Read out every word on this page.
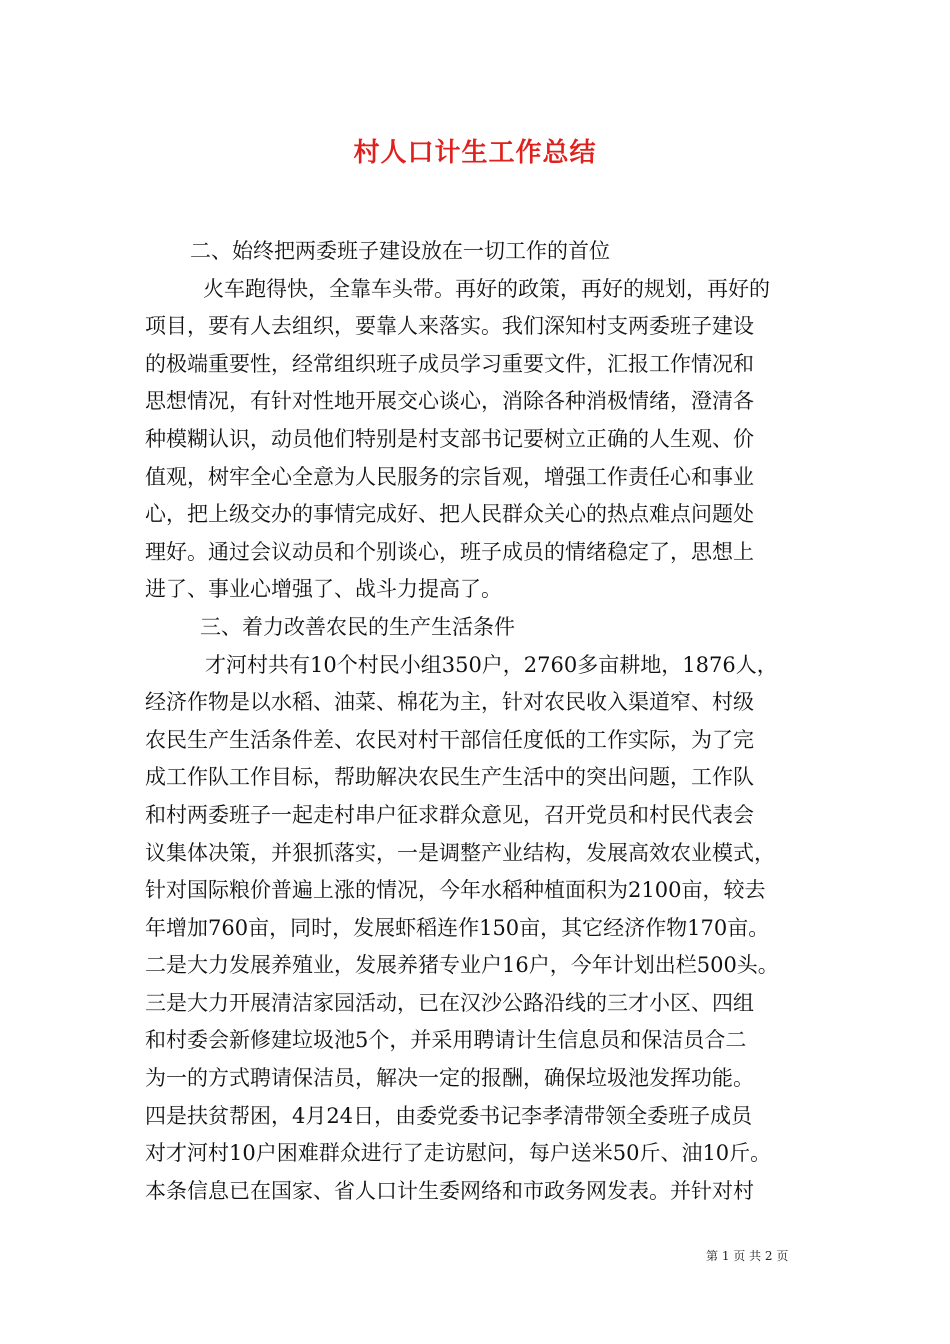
村人口计生工作总结
二、始终把两委班子建设放在一切工作的首位
火车跑得快，全靠车头带。再好的政策，再好的规划，再好的
项目，要有人去组织，要靠人来落实。我们深知村支两委班子建设
的极端重要性，经常组织班子成员学习重要文件，汇报工作情况和
思想情况，有针对性地开展交心谈心，消除各种消极情绪，澄清各
种模糊认识，动员他们特别是村支部书记要树立正确的人生观、价
值观，树牢全心全意为人民服务的宗旨观，增强工作责任心和事业
心，把上级交办的事情完成好、把人民群众关心的热点难点问题处
理好。通过会议动员和个别谈心，班子成员的情绪稳定了，思想上
进了、事业心增强了、战斗力提高了。
三、着力改善农民的生产生活条件
才河村共有10个村民小组350户，2760多亩耕地，1876人，
经济作物是以水稻、油菜、棉花为主，针对农民收入渠道窄、村级
农民生产生活条件差、农民对村干部信任度低的工作实际，为了完
成工作队工作目标，帮助解决农民生产生活中的突出问题，工作队
和村两委班子一起走村串户征求群众意见，召开党员和村民代表会
议集体决策，并狠抓落实，一是调整产业结构，发展高效农业模式，
针对国际粮价普遍上涨的情况，今年水稻种植面积为2100亩，较去
年增加760亩，同时，发展虾稻连作150亩，其它经济作物170亩。
二是大力发展养殖业，发展养猪专业户16户，今年计划出栏500头。
三是大力开展清洁家园活动，已在汉沙公路沿线的三才小区、四组
和村委会新修建垃圾池5个，并采用聘请计生信息员和保洁员合二
为一的方式聘请保洁员，解决一定的报酬，确保垃圾池发挥功能。
四是扶贫帮困，4月24日，由委党委书记李孝清带领全委班子成员
对才河村10户困难群众进行了走访慰问，每户送米50斤、油10斤。
本条信息已在国家、省人口计生委网络和市政务网发表。并针对村
第 1 页 共 2 页
